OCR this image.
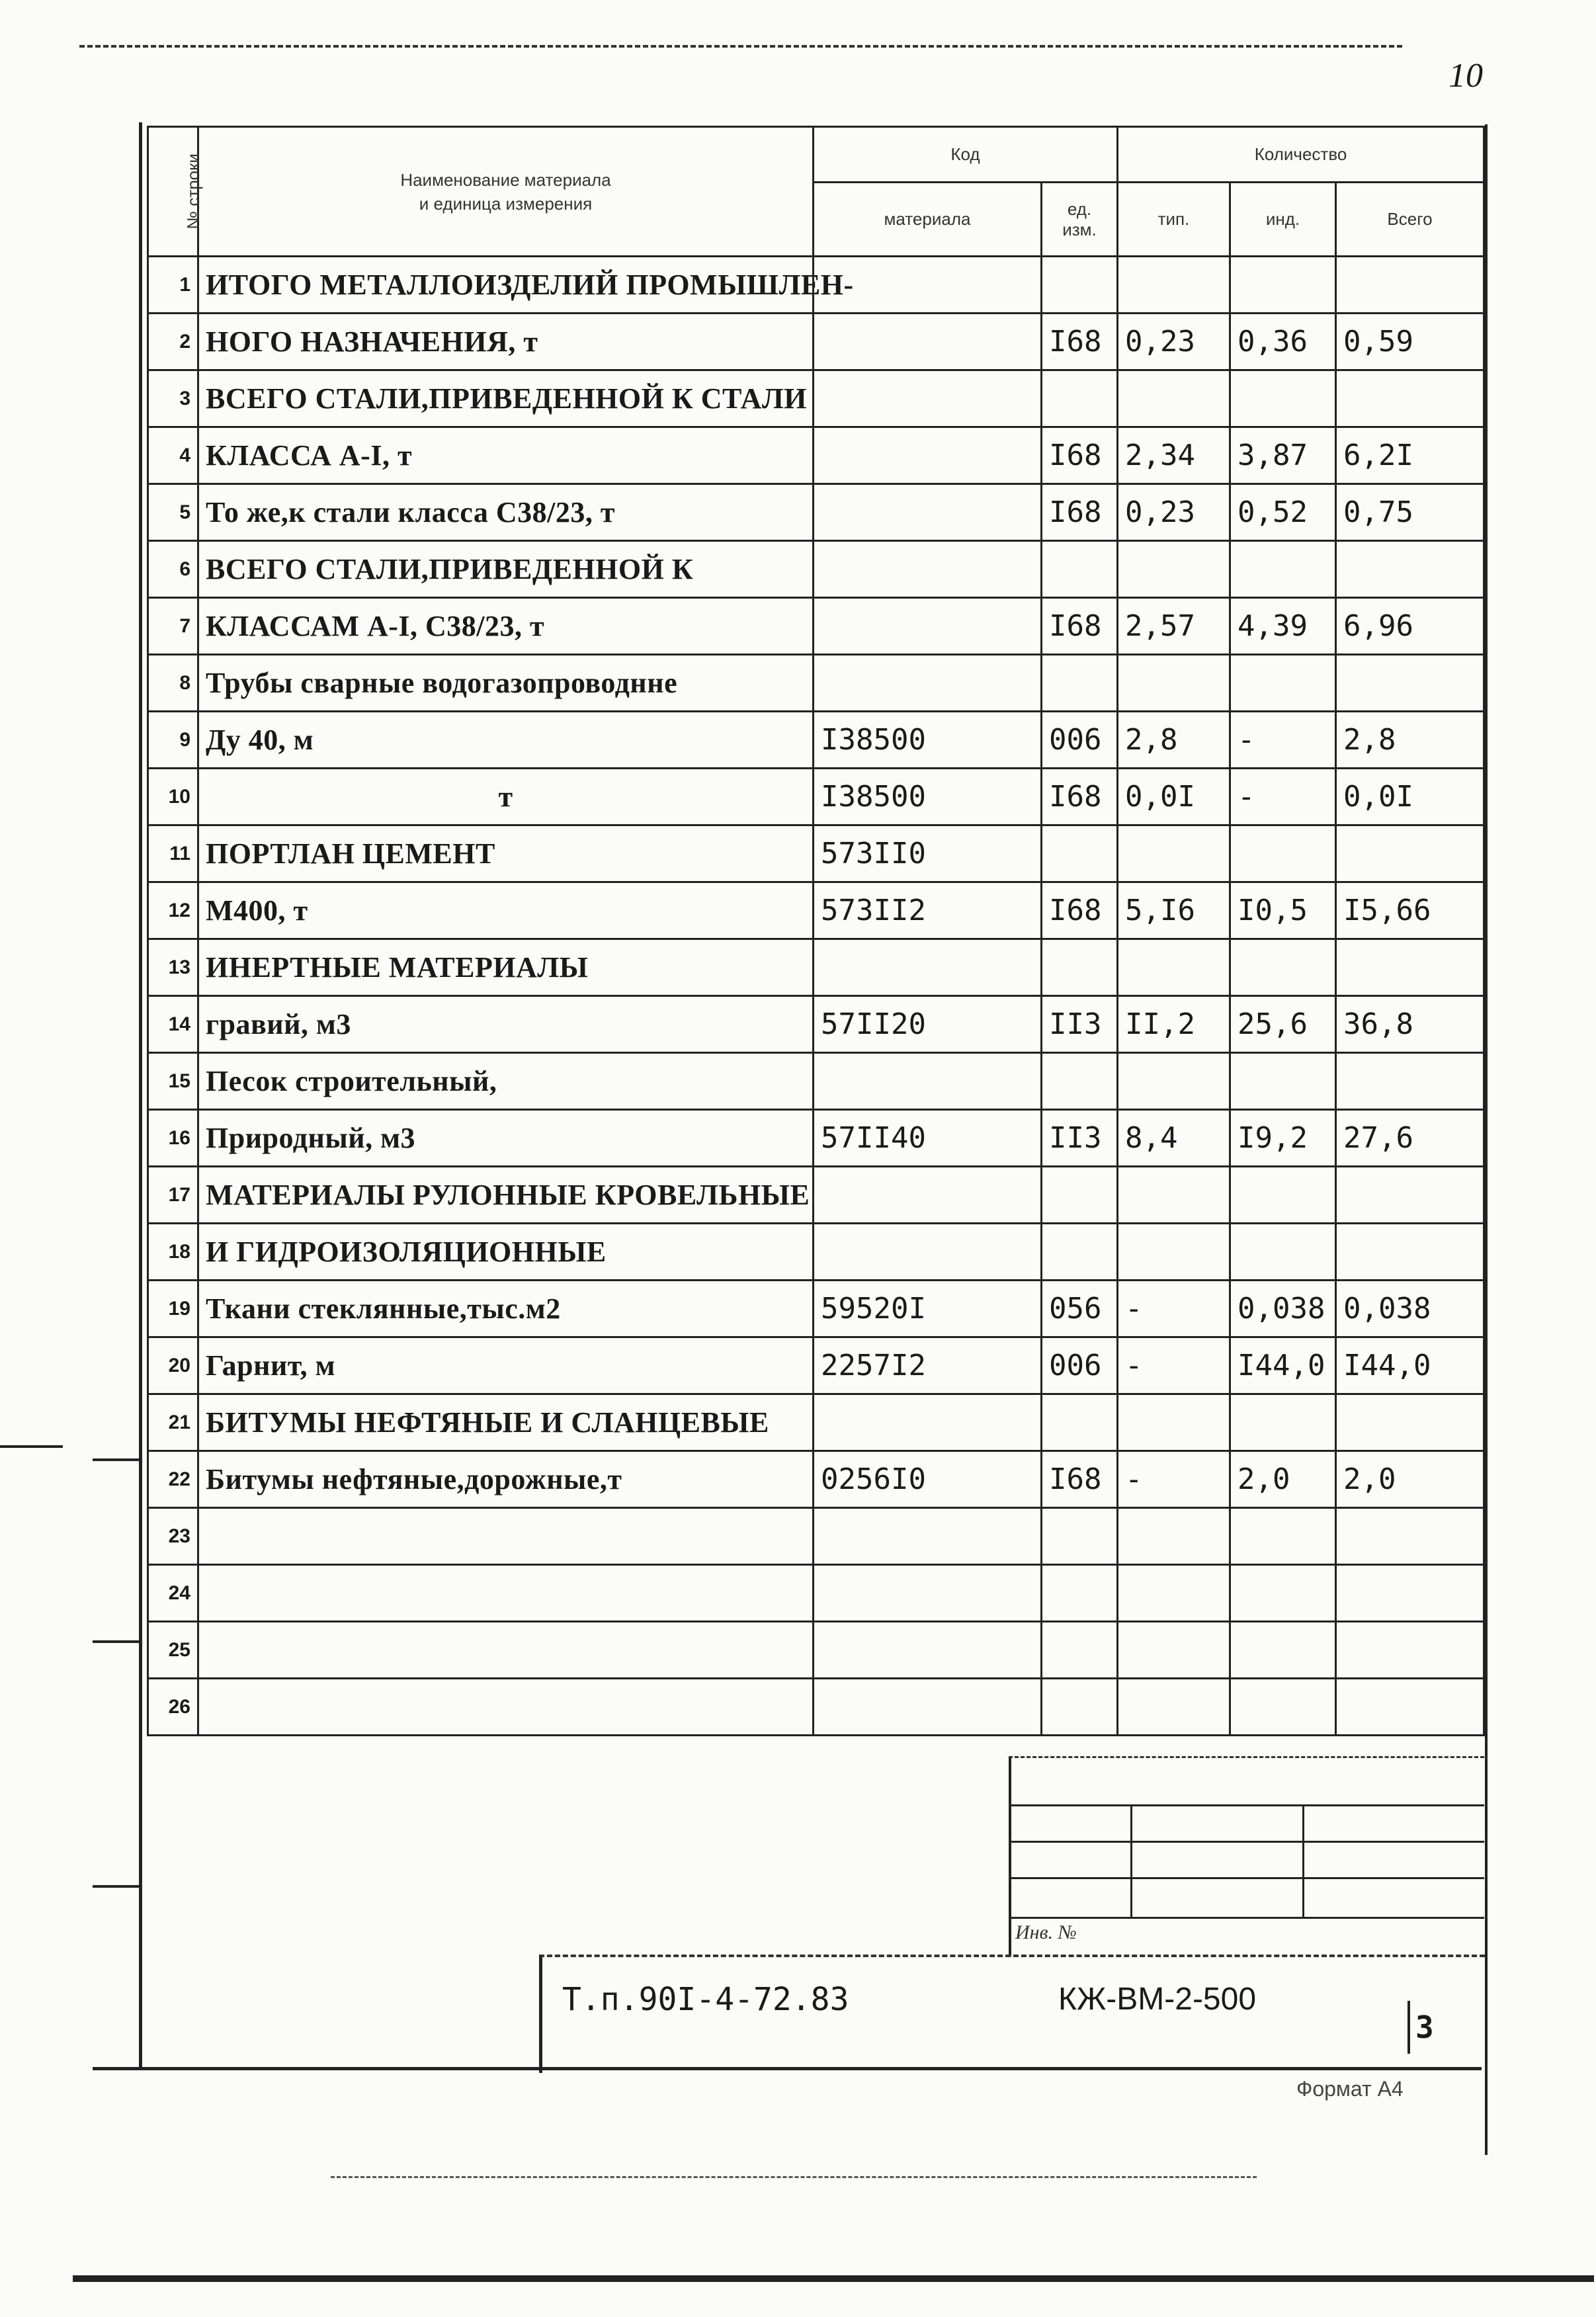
10
№ строки	Наименование материала
и единица измерения	Код		Количество		
		материала	ед.
изм.	тип.	инд.	Всего
1	ИТОГО МЕТАЛЛОИЗДЕЛИЙ ПРОМЫШЛЕН-					
2	НОГО НАЗНАЧЕНИЯ, т		I68	0,23	0,36	0,59
3	ВСЕГО СТАЛИ,ПРИВЕДЕННОЙ К СТАЛИ					
4	КЛАССА А-I, т		I68	2,34	3,87	6,2I
5	То же,к стали класса С38/23, т		I68	0,23	0,52	0,75
6	ВСЕГО СТАЛИ,ПРИВЕДЕННОЙ К					
7	КЛАССАМ А-I, С38/23, т		I68	2,57	4,39	6,96
8	Трубы сварные водогазопроводнне					
9	Ду 40, м	I38500	006	2,8	-	2,8
10	т	I38500	I68	0,0I	-	0,0I
11	ПОРТЛАН ЦЕМЕНТ	573II0				
12	М400, т	573II2	I68	5,I6	I0,5	I5,66
13	ИНЕРТНЫЕ МАТЕРИАЛЫ					
14	гравий, м3	57II20	II3	II,2	25,6	36,8
15	Песок строительный,					
16	Природный, м3	57II40	II3	8,4	I9,2	27,6
17	МАТЕРИАЛЫ РУЛОННЫЕ КРОВЕЛЬНЫЕ					
18	И ГИДРОИЗОЛЯЦИОННЫЕ					
19	Ткани стеклянные,тыс.м2	59520I	056	-	0,038	0,038
20	Гарнит, м	2257I2	006	-	I44,0	I44,0
21	БИТУМЫ НЕФТЯНЫЕ И СЛАНЦЕВЫЕ					
22	Битумы нефтяные,дорожные,т	0256I0	I68	-	2,0	2,0
23						
24						
25						
26						
Инв. №
Т.п.90I-4-72.83	КЖ-ВМ-2-500
3
Формат А4
